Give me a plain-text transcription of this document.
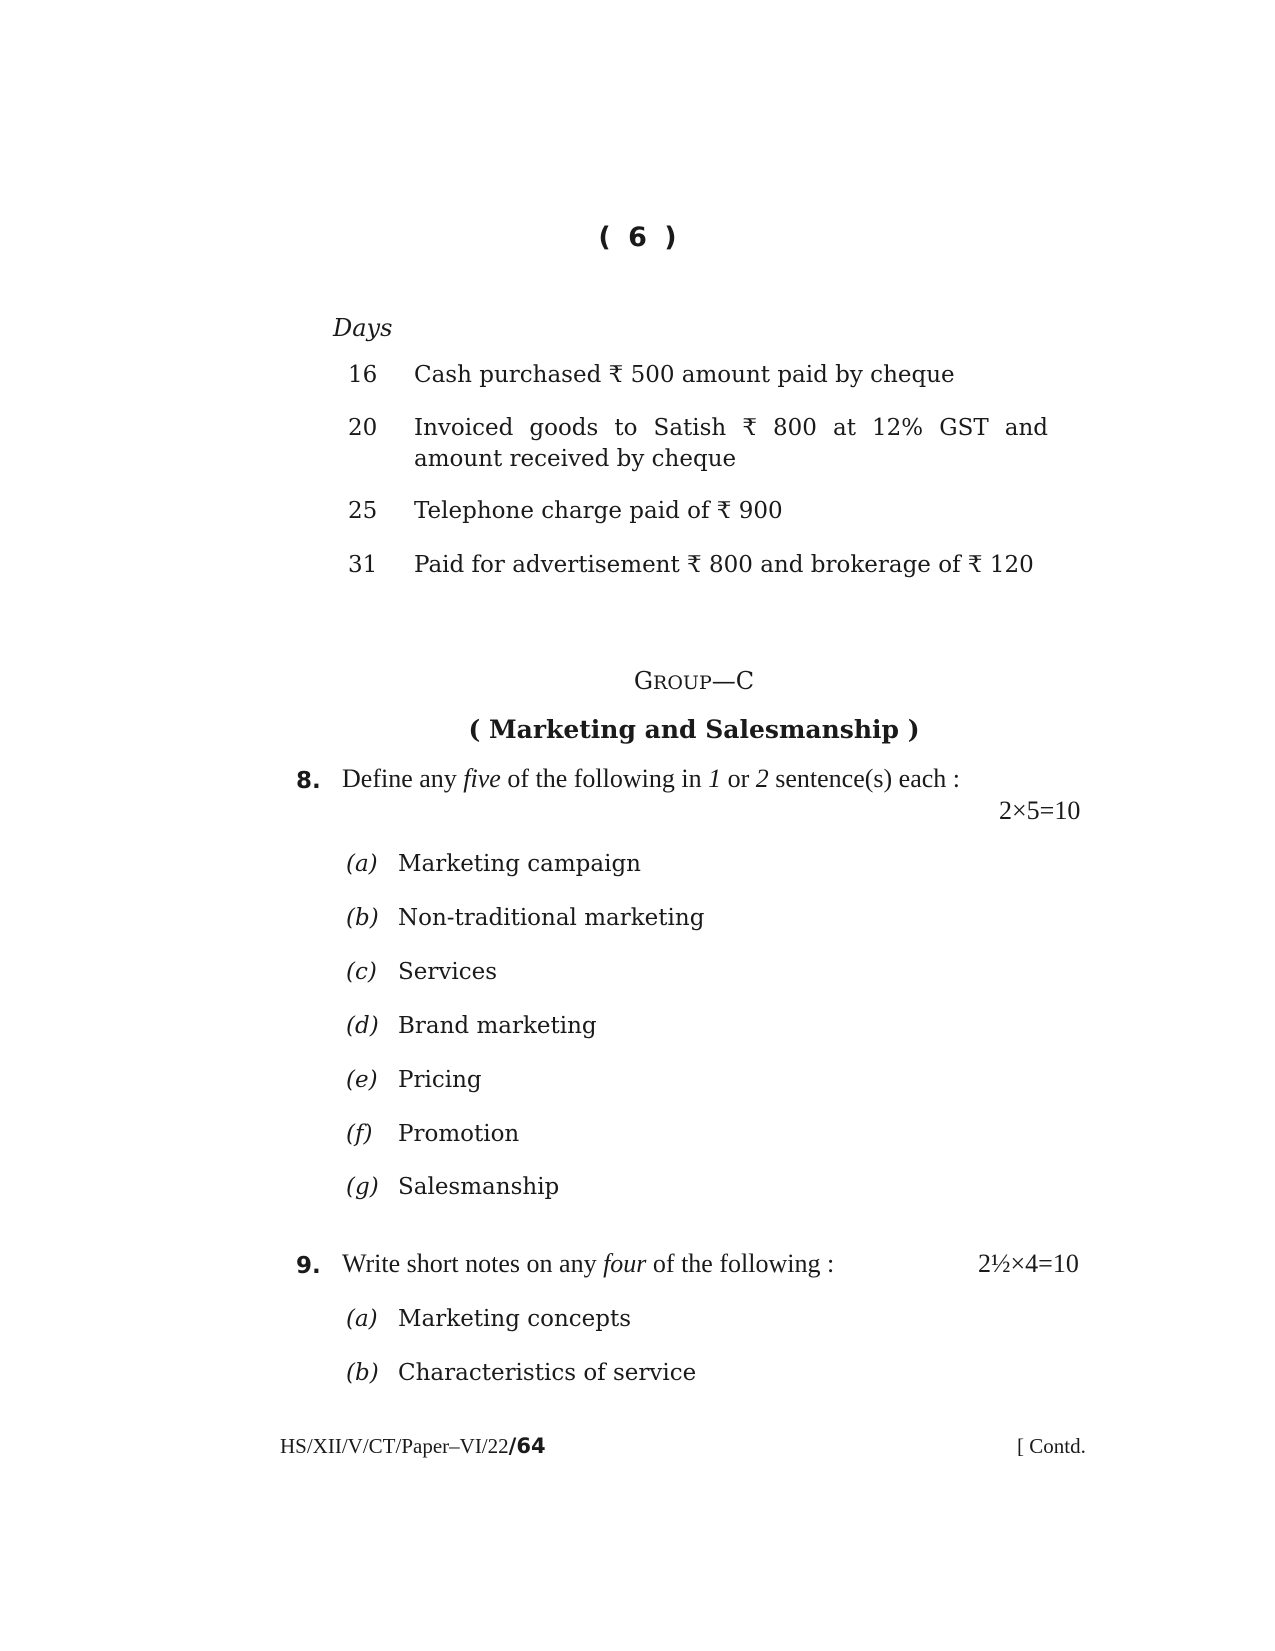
( 6 )
Days
16	Cash purchased ₹ 500 amount paid by cheque
20	Invoiced goods to Satish ₹ 800 at 12% GST and amount received by cheque
25	Telephone charge paid of ₹ 900
31	Paid for advertisement ₹ 800 and brokerage of ₹ 120
GROUP—C
( Marketing and Salesmanship )
8. Define any five of the following in 1 or 2 sentence(s) each :
2×5=10
(a) Marketing campaign
(b) Non-traditional marketing
(c) Services
(d) Brand marketing
(e) Pricing
(f)	Promotion
(g) Salesmanship
9. Write short notes on any four of the following :	2½×4=10
(a) Marketing concepts
(b) Characteristics of service
HS/XII/V/CT/Paper–VI/22/64	[ Contd.
